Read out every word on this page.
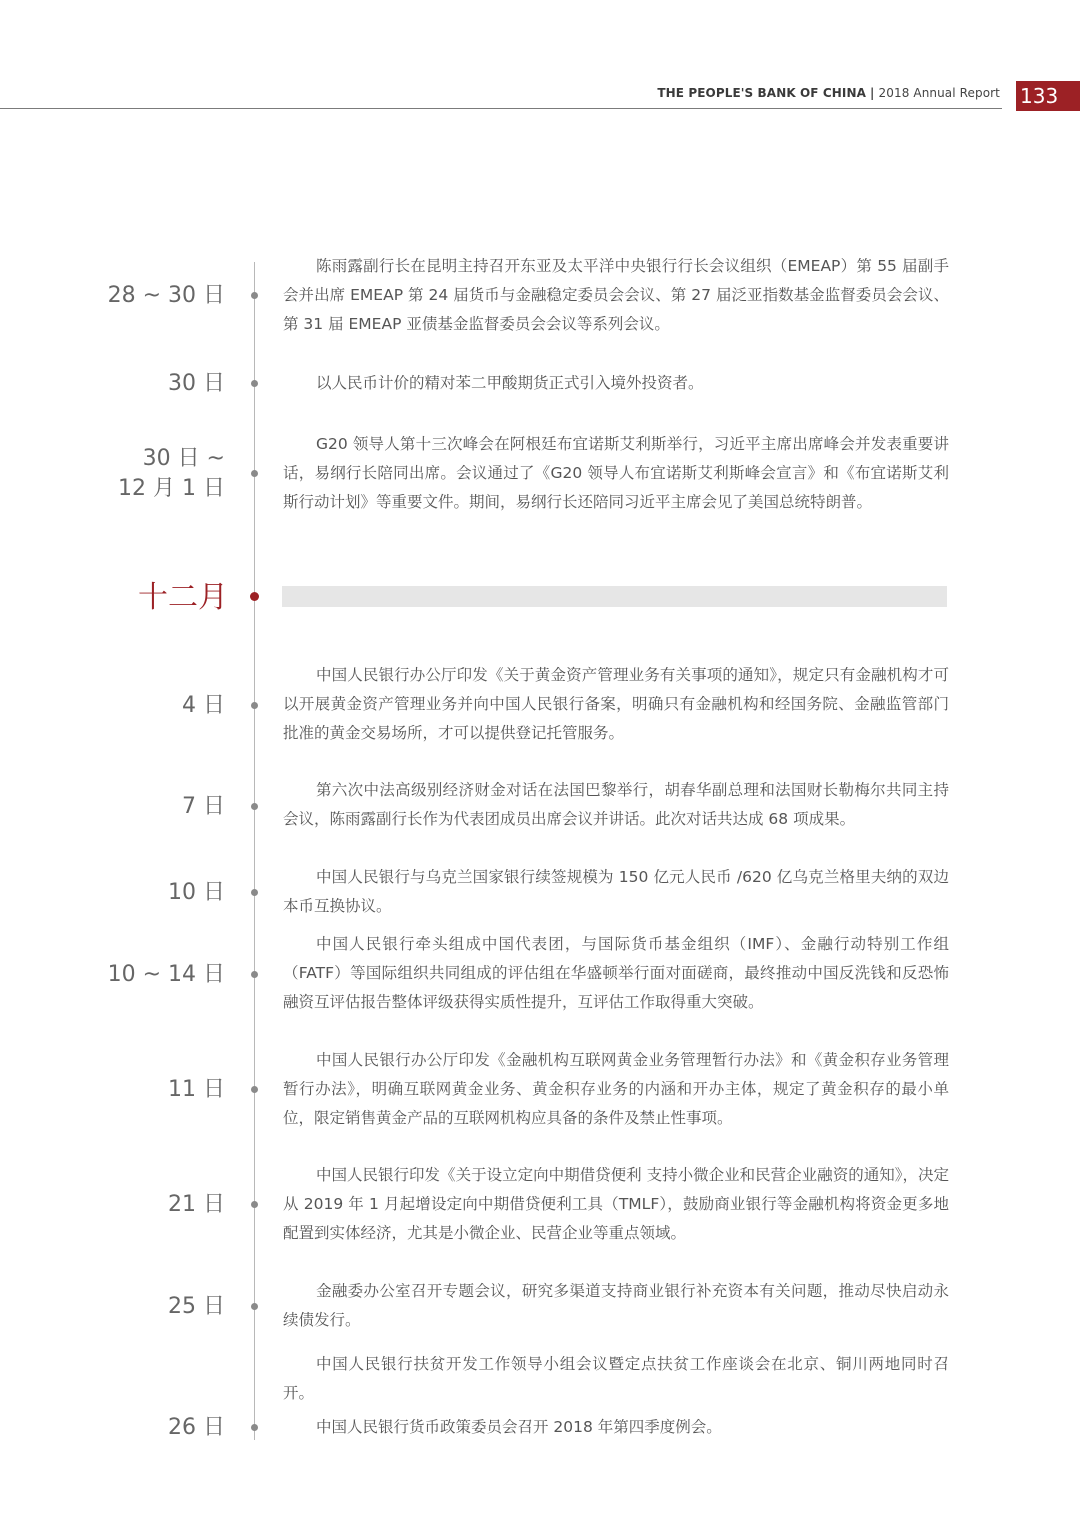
THE PEOPLE'S BANK OF CHINA | 2018 Annual Report 133
28 ~ 30 日
陈雨露副行长在昆明主持召开东亚及太平洋中央银行行长会议组织（EMEAP）第 55 届副手会并出席 EMEAP 第 24 届货币与金融稳定委员会会议、第 27 届泛亚指数基金监督委员会会议、第 31 届 EMEAP 亚债基金监督委员会会议等系列会议。
30 日	以人民币计价的精对苯二甲酸期货正式引入境外投资者。
30 日 ~
12 月 1 日
G20 领导人第十三次峰会在阿根廷布宜诺斯艾利斯举行，习近平主席出席峰会并发表重要讲话，易纲行长陪同出席。会议通过了《G20 领导人布宜诺斯艾利斯峰会宣言》和《布宜诺斯艾利斯行动计划》等重要文件。期间，易纲行长还陪同习近平主席会见了美国总统特朗普。
十二月
4 日
中国人民银行办公厅印发《关于黄金资产管理业务有关事项的通知》，规定只有金融机构才可以开展黄金资产管理业务并向中国人民银行备案，明确只有金融机构和经国务院、金融监管部门批准的黄金交易场所，才可以提供登记托管服务。
7 日
第六次中法高级别经济财金对话在法国巴黎举行，胡春华副总理和法国财长勒梅尔共同主持会议，陈雨露副行长作为代表团成员出席会议并讲话。此次对话共达成 68 项成果。
10 日
中国人民银行与乌克兰国家银行续签规模为 150 亿元人民币 /620 亿乌克兰格里夫纳的双边本币互换协议。
10 ~ 14 日
中国人民银行牵头组成中国代表团，与国际货币基金组织（IMF）、金融行动特别工作组（FATF）等国际组织共同组成的评估组在华盛顿举行面对面磋商，最终推动中国反洗钱和反恐怖融资互评估报告整体评级获得实质性提升，互评估工作取得重大突破。
11 日
中国人民银行办公厅印发《金融机构互联网黄金业务管理暂行办法》和《黄金积存业务管理暂行办法》，明确互联网黄金业务、黄金积存业务的内涵和开办主体，规定了黄金积存的最小单位，限定销售黄金产品的互联网机构应具备的条件及禁止性事项。
21 日
中国人民银行印发《关于设立定向中期借贷便利 支持小微企业和民营企业融资的通知》，决定从 2019 年 1 月起增设定向中期借贷便利工具（TMLF），鼓励商业银行等金融机构将资金更多地配置到实体经济，尤其是小微企业、民营企业等重点领域。
25 日
金融委办公室召开专题会议，研究多渠道支持商业银行补充资本有关问题，推动尽快启动永续债发行。
中国人民银行扶贫开发工作领导小组会议暨定点扶贫工作座谈会在北京、铜川两地同时召开。
26 日	中国人民银行货币政策委员会召开 2018 年第四季度例会。
